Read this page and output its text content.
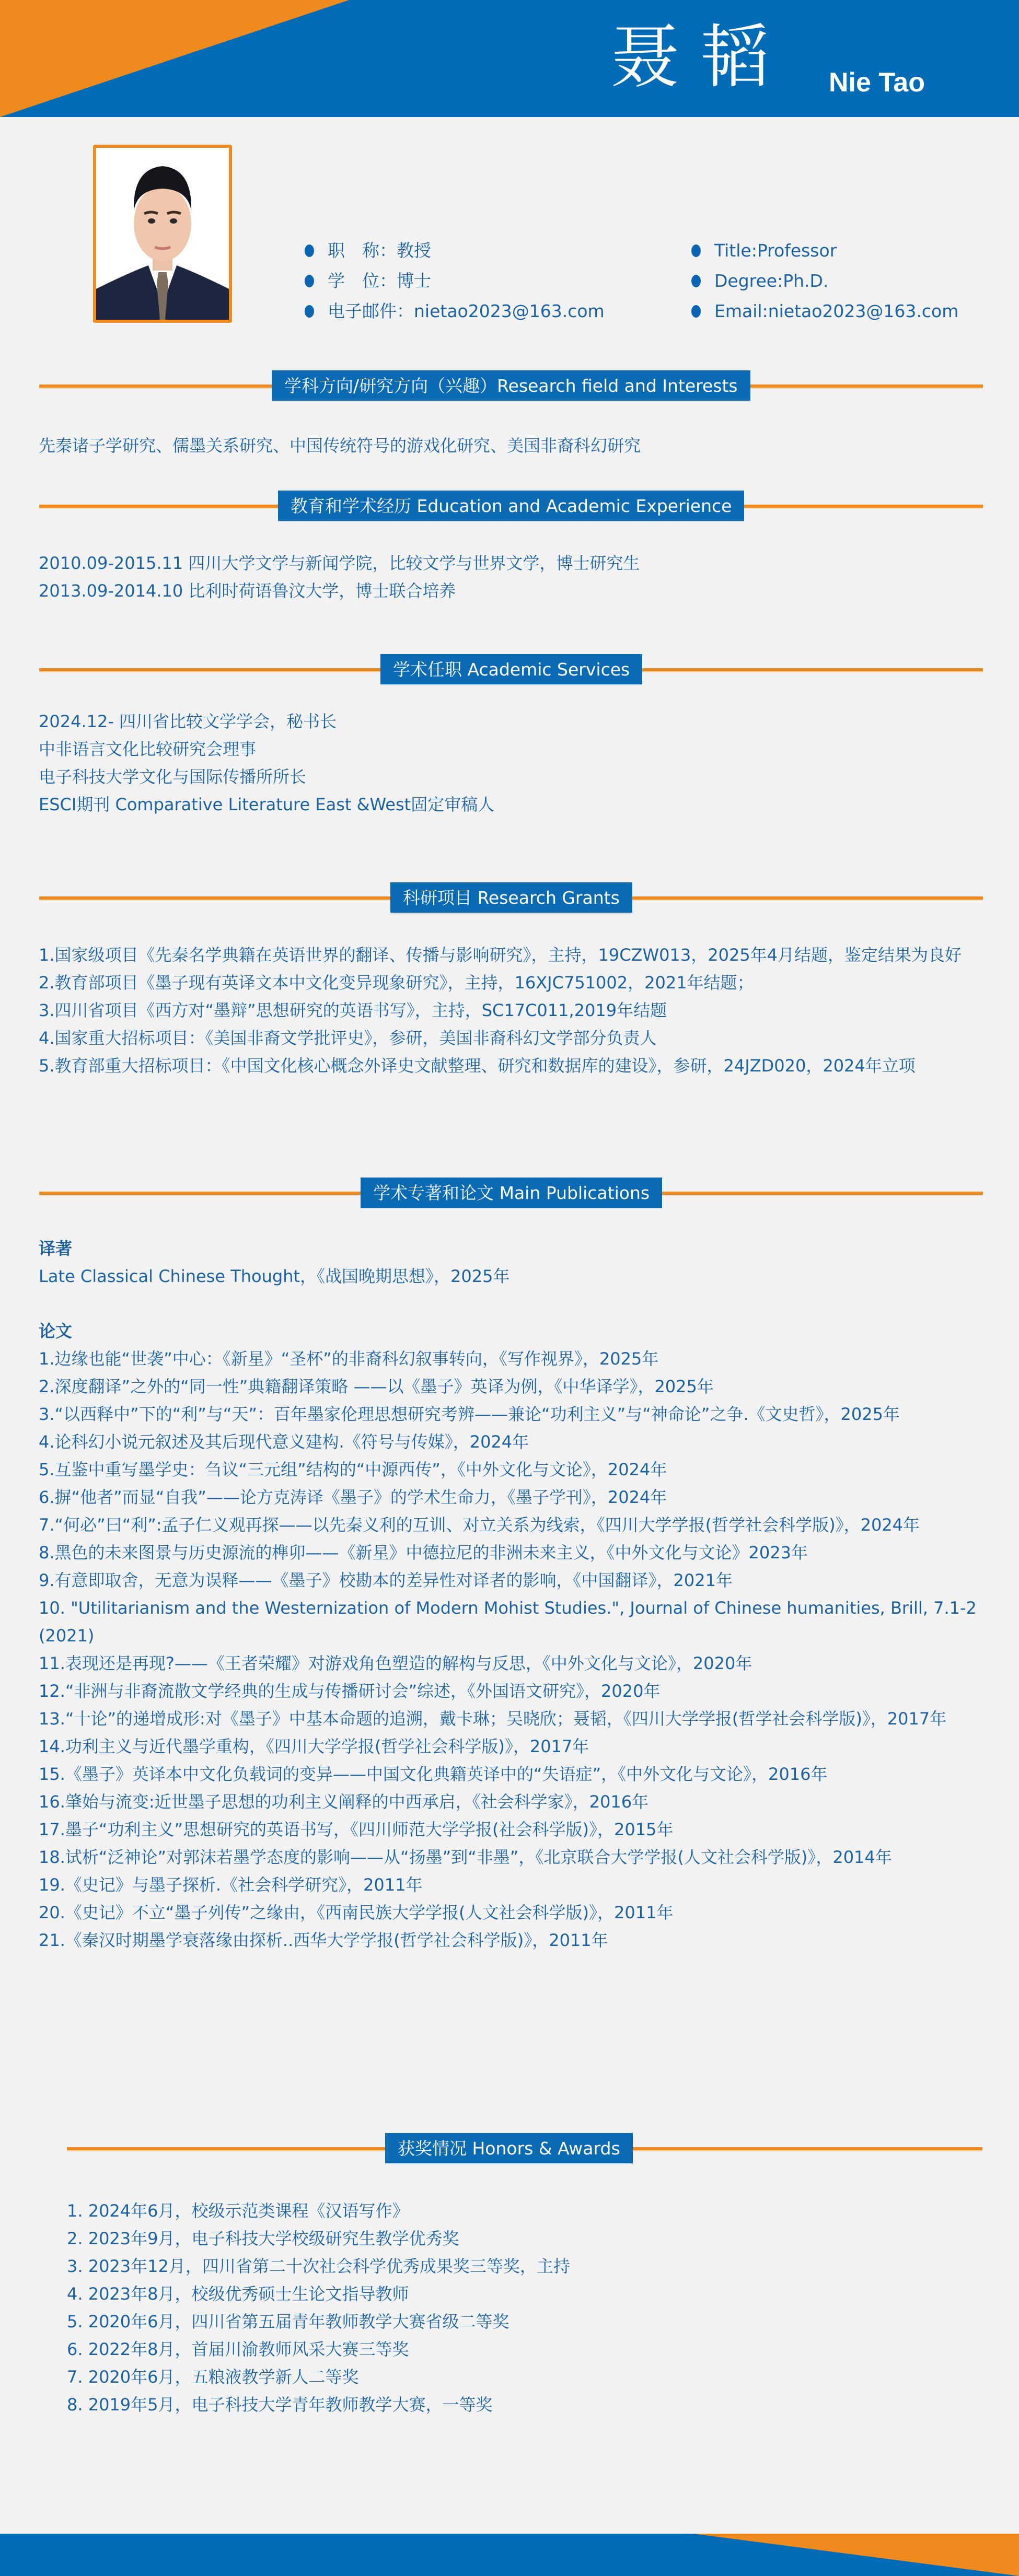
聂韬 Nie Tao
职　称： 教授
学　位： 博士
电子邮件： nietao2023@163.com
Title: Professor
Degree: Ph.D.
Email: nietao2023@163.com
学科方向/研究方向（兴趣）Research field and Interests

先秦诸子学研究、儒墨关系研究、中国传统符号的游戏化研究、美国非裔科幻研究

教育和学术经历 Education and Academic Experience

2010.09-2015.11 四川大学文学与新闻学院，比较文学与世界文学，博士研究生

2013.09-2014.10 比利时荷语鲁汶大学，博士联合培养

学术任职 Academic Services

2024.12- 四川省比较文学学会，秘书长

中非语言文化比较研究会理事

电子科技大学文化与国际传播所所长

ESCI期刊 Comparative Literature East &West固定审稿人

科研项目 Research Grants

1.国家级项目《先秦名学典籍在英语世界的翻译、传播与影响研究》，主持，19CZW013，2025年4月结题，鉴定结果为良好

2.教育部项目《墨子现有英译文本中文化变异现象研究》，主持，16XJC751002，2021年结题；

3.四川省项目《西方对“墨辩”思想研究的英语书写》，主持，SC17C011,2019年结题

4.国家重大招标项目：《美国非裔文学批评史》，参研，美国非裔科幻文学部分负责人

5.教育部重大招标项目：《中国文化核心概念外译史文献整理、研究和数据库的建设》，参研，24JZD020，2024年立项

学术专著和论文 Main Publications

译著

Late Classical Chinese Thought，《战国晚期思想》，2025年

论文

1.边缘也能“世袭”中心：《新星》“圣杯”的非裔科幻叙事转向，《写作视界》，2025年

2.深度翻译”之外的“同一性”典籍翻译策略 ——以《墨子》英译为例，《中华译学》，2025年

3.“以西释中”下的“利”与“天”：百年墨家伦理思想研究考辨——兼论“功利主义”与“神命论”之争.《文史哲》，2025年

4.论科幻小说元叙述及其后现代意义建构.《符号与传媒》，2024年

5.互鉴中重写墨学史：刍议“三元组”结构的“中源西传”，《中外文化与文论》，2024年

6.摒“他者”而显“自我”——论方克涛译《墨子》的学术生命力，《墨子学刊》，2024年

7.“何必”曰“利”:孟子仁义观再探——以先秦义利的互训、对立关系为线索，《四川大学学报(哲学社会科学版)》，2024年

8.黑色的未来图景与历史源流的榫卯——《新星》中德拉尼的非洲未来主义，《中外文化与文论》2023年

9.有意即取舍，无意为误释——《墨子》校勘本的差异性对译者的影响，《中国翻译》，2021年

10. "Utilitarianism and the Westernization of Modern Mohist Studies.", Journal of Chinese humanities, Brill, 7.1-2 (2021)

11.表现还是再现?——《王者荣耀》对游戏角色塑造的解构与反思，《中外文化与文论》，2020年

12.“非洲与非裔流散文学经典的生成与传播研讨会”综述，《外国语文研究》，2020年

13.“十论”的递增成形:对《墨子》中基本命题的追溯，戴卡琳；吴晓欣；聂韬，《四川大学学报(哲学社会科学版)》，2017年

14.功利主义与近代墨学重构，《四川大学学报(哲学社会科学版)》，2017年

15.《墨子》英译本中文化负载词的变异——中国文化典籍英译中的“失语症”，《中外文化与文论》，2016年

16.肇始与流变:近世墨子思想的功利主义阐释的中西承启，《社会科学家》，2016年

17.墨子“功利主义”思想研究的英语书写，《四川师范大学学报(社会科学版)》，2015年

18.试析“泛神论”对郭沫若墨学态度的影响——从“扬墨”到“非墨”，《北京联合大学学报(人文社会科学版)》，2014年

19.《史记》与墨子探析.《社会科学研究》，2011年

20.《史记》不立“墨子列传”之缘由，《西南民族大学学报(人文社会科学版)》，2011年

21.《秦汉时期墨学衰落缘由探析..西华大学学报(哲学社会科学版)》，2011年

获奖情况 Honors & Awards

1. 2024年6月，校级示范类课程《汉语写作》

2. 2023年9月，电子科技大学校级研究生教学优秀奖

3. 2023年12月，四川省第二十次社会科学优秀成果奖三等奖，主持

4. 2023年8月，校级优秀硕士生论文指导教师

5. 2020年6月，四川省第五届青年教师教学大赛省级二等奖

6. 2022年8月，首届川渝教师风采大赛三等奖

7. 2020年6月，五粮液教学新人二等奖

8. 2019年5月，电子科技大学青年教师教学大赛，一等奖
